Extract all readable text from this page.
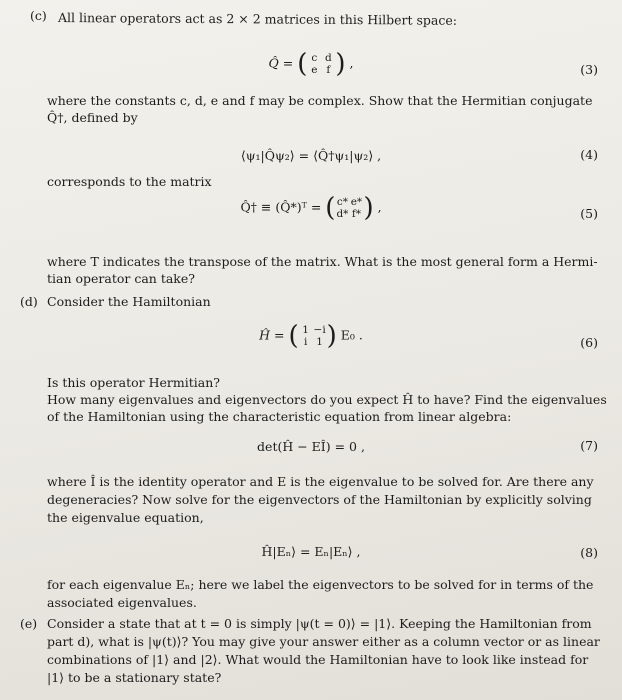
(c) All linear operators act as 2 × 2 matrices in this Hilbert space:
Q̂ = ( c d
e f ) ,	(3)
where the constants c, d, e and f may be complex. Show that the Hermitian conjugate
Q̂†, defined by
⟨ψ₁|Q̂ψ₂⟩ = ⟨Q̂†ψ₁|ψ₂⟩ ,	(4)
corresponds to the matrix
Q̂† ≡ (Q̂*)ᵀ = ( c* e*
d* f* ) ,	(5)
where T indicates the transpose of the matrix. What is the most general form a Hermi-
tian operator can take?
(d) Consider the Hamiltonian
Ĥ = ( 1 −i
i 1 ) E₀ .	(6)
Is this operator Hermitian?
How many eigenvalues and eigenvectors do you expect Ĥ to have? Find the eigenvalues
of the Hamiltonian using the characteristic equation from linear algebra:
det(Ĥ − EÎ) = 0 ,	(7)
where Î is the identity operator and E is the eigenvalue to be solved for. Are there any
degeneracies? Now solve for the eigenvectors of the Hamiltonian by explicitly solving
the eigenvalue equation,
Ĥ|Eₙ⟩ = Eₙ|Eₙ⟩ ,	(8)
for each eigenvalue Eₙ; here we label the eigenvectors to be solved for in terms of the
associated eigenvalues.
(e) Consider a state that at t = 0 is simply |ψ(t = 0)⟩ = |1⟩. Keeping the Hamiltonian from
part d), what is |ψ(t)⟩? You may give your answer either as a column vector or as linear
combinations of |1⟩ and |2⟩. What would the Hamiltonian have to look like instead for
|1⟩ to be a stationary state?
